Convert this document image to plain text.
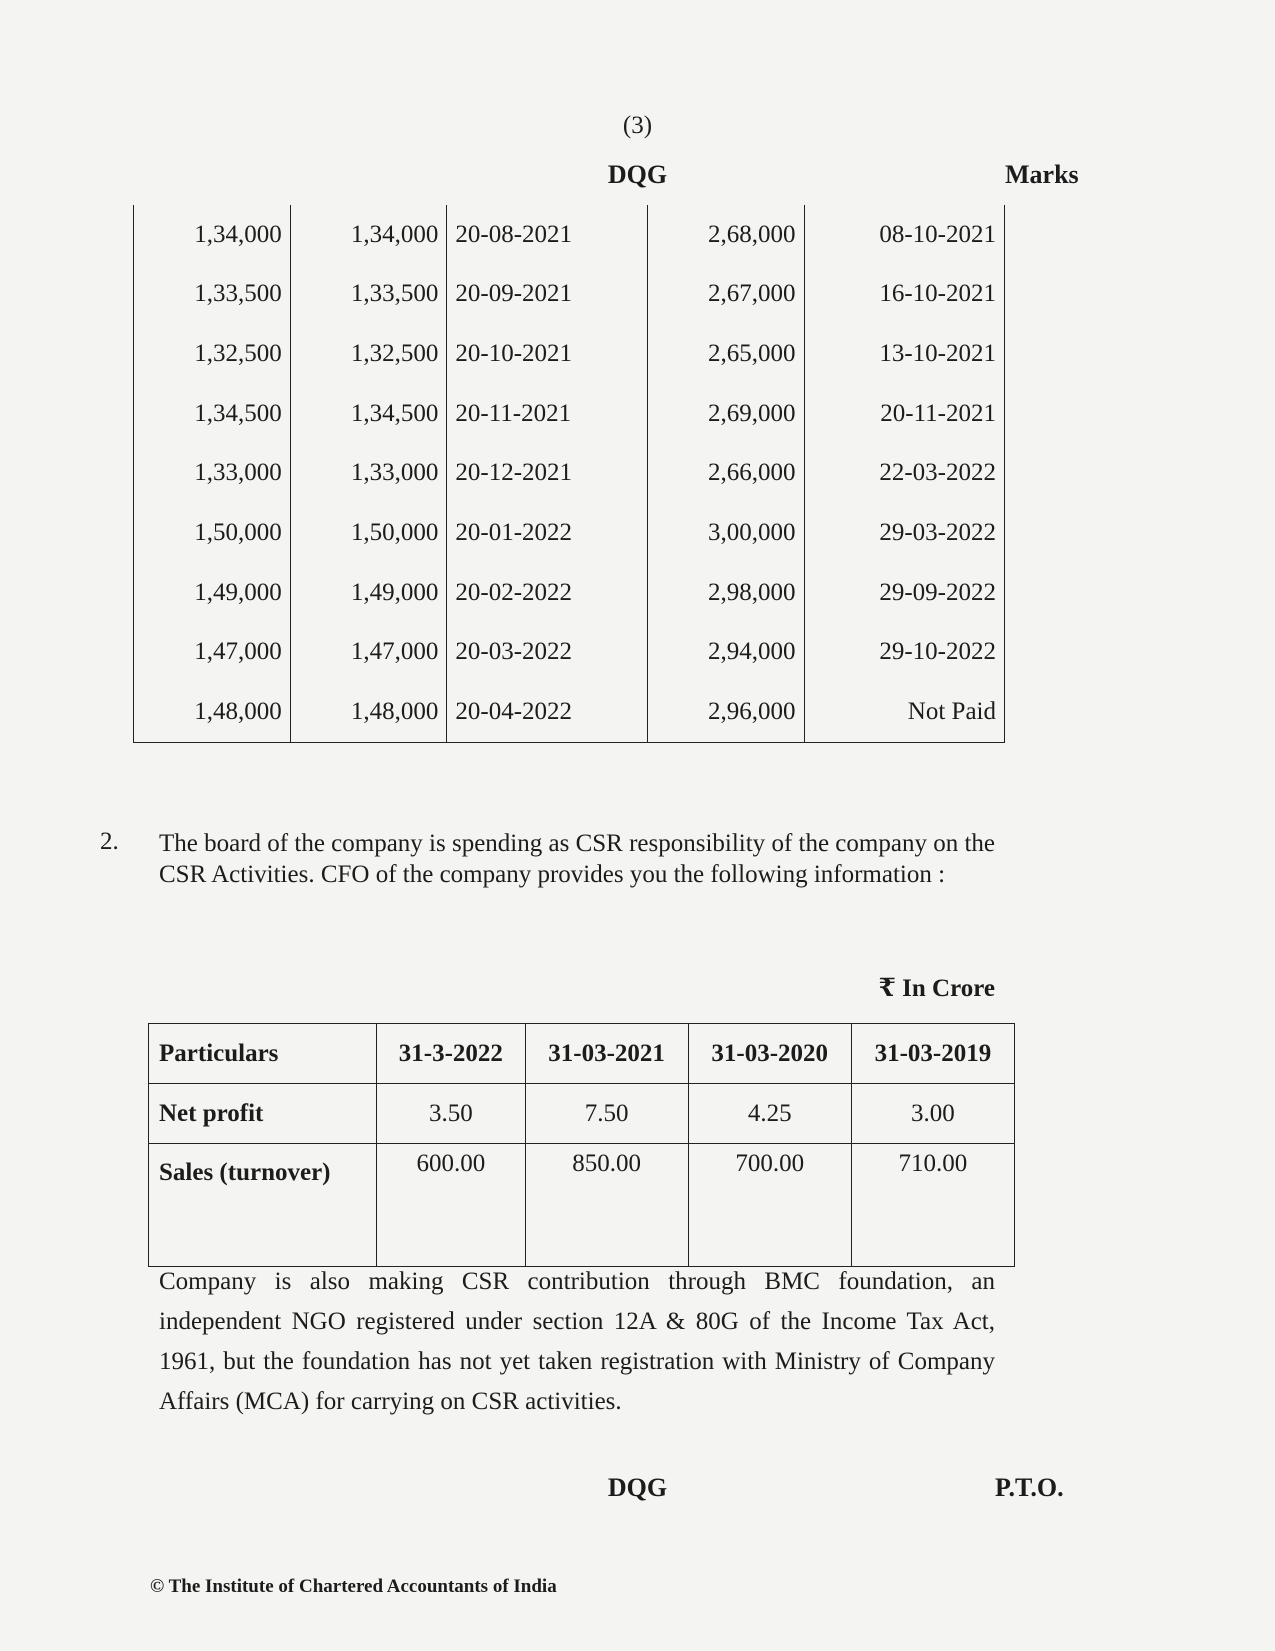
(3)
DQG	Marks
1,34,000	1,34,000	20-08-2021	2,68,000	08-10-2021
1,33,500	1,33,500	20-09-2021	2,67,000	16-10-2021
1,32,500	1,32,500	20-10-2021	2,65,000	13-10-2021
1,34,500	1,34,500	20-11-2021	2,69,000	20-11-2021
1,33,000	1,33,000	20-12-2021	2,66,000	22-03-2022
1,50,000	1,50,000	20-01-2022	3,00,000	29-03-2022
1,49,000	1,49,000	20-02-2022	2,98,000	29-09-2022
1,47,000	1,47,000	20-03-2022	2,94,000	29-10-2022
1,48,000	1,48,000	20-04-2022	2,96,000	Not Paid
2. The board of the company is spending as CSR responsibility of the company on the CSR Activities. CFO of the company provides you the following information :
₹ In Crore
Particulars	31-3-2022	31-03-2021	31-03-2020	31-03-2019
Net profit	3.50	7.50	4.25	3.00
Sales (turnover)	600.00	850.00	700.00	710.00
Company is also making CSR contribution through BMC foundation, an independent NGO registered under section 12A & 80G of the Income Tax Act, 1961, but the foundation has not yet taken registration with Ministry of Company Affairs (MCA) for carrying on CSR activities.
DQG	P.T.O.
© The Institute of Chartered Accountants of India
